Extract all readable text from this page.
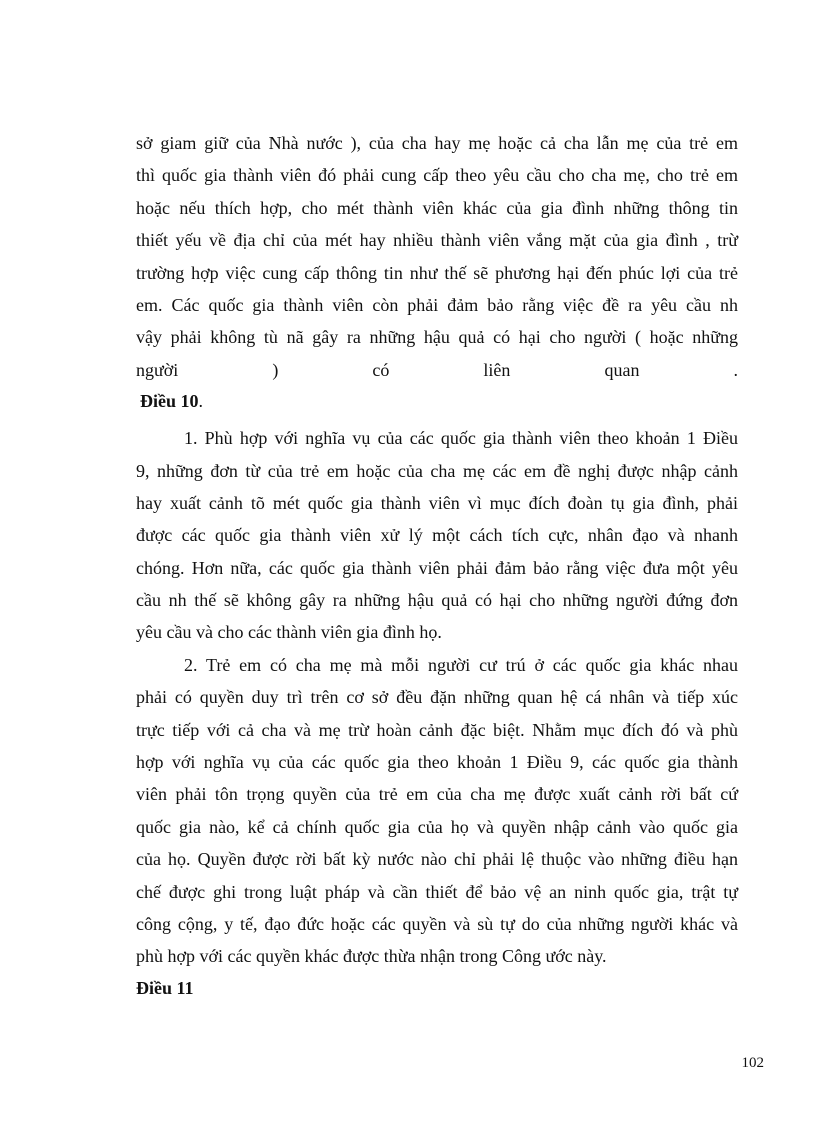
sở giam giữ của Nhà nước ), của cha hay mẹ hoặc cả cha lẫn mẹ của trẻ em
thì quốc gia thành viên đó phải cung cấp theo yêu cầu cho cha mẹ, cho trẻ em
hoặc nếu thích hợp, cho mét thành viên khác của gia đình những thông tin
thiết yếu về địa chỉ của mét hay nhiều thành viên vắng mặt của gia đình , trừ
trường hợp việc cung cấp thông tin như thế sẽ phương hại đến phúc lợi của trẻ
em. Các quốc gia thành viên còn phải đảm bảo rằng việc đề ra yêu cầu nh
vậy phải không tù nã gây ra những hậu quả có hại cho người ( hoặc những
người ) có liên quan .
Điều 10.
1. Phù hợp với nghĩa vụ của các quốc gia thành viên theo khoản 1 Điều
9, những đơn từ của trẻ em hoặc của cha mẹ các em đề nghị được nhập cảnh
hay xuất cảnh tõ mét quốc gia thành viên vì mục đích đoàn tụ gia đình, phải
được các quốc gia thành viên xử lý một cách tích cực, nhân đạo và nhanh
chóng. Hơn nữa, các quốc gia thành viên phải đảm bảo rằng việc đưa một yêu
cầu nh thế sẽ không gây ra những hậu quả có hại cho những người đứng đơn
yêu cầu và cho các thành viên gia đình họ.
2. Trẻ em có cha mẹ mà mỗi người cư trú ở các quốc gia khác nhau
phải có quyền duy trì trên cơ sở đều đặn những quan hệ cá nhân và tiếp xúc
trực tiếp với cả cha và mẹ trừ hoàn cảnh đặc biệt. Nhằm mục đích đó và phù
hợp với nghĩa vụ của các quốc gia theo khoản 1 Điều 9, các quốc gia thành
viên phải tôn trọng quyền của trẻ em của cha mẹ được xuất cảnh rời bất cứ
quốc gia nào, kể cả chính quốc gia của họ và quyền nhập cảnh vào quốc gia
của họ. Quyền được rời bất kỳ nước nào chỉ phải lệ thuộc vào những điều hạn
chế được ghi trong luật pháp và cần thiết để bảo vệ an ninh quốc gia, trật tự
công cộng, y tế, đạo đức hoặc các quyền và sù tự do của những người khác và
phù hợp với các quyền khác được thừa nhận trong Công ước này.
Điều 11
102
